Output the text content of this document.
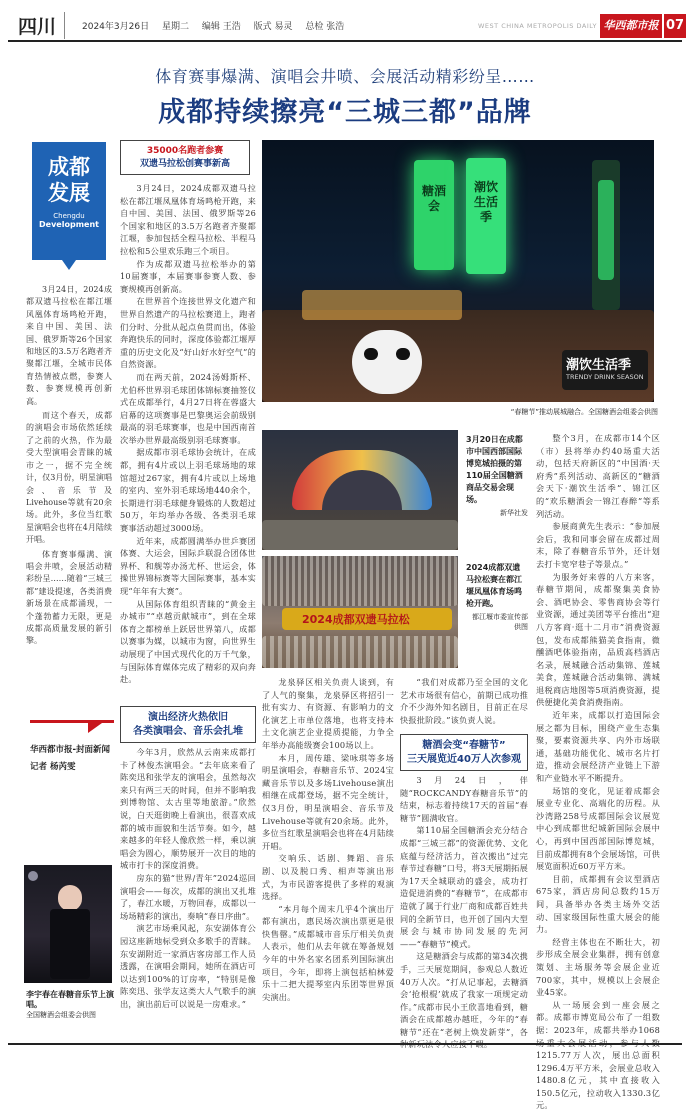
四川	2024年3月26日 星期二 编辑 王浩 版式 易灵 总检 张浩	WEST CHINA METROPOLIS DAILY 华西都市报 07
体育赛事爆满、演唱会井喷、会展活动精彩纷呈……
成都持续擦亮“三城三都”品牌
成都
发展
Chengdu
Development

3月24日，2024成都双遗马拉松在都江堰风凰体育场鸣枪开跑，来自中国、美国、法国、俄罗斯等26个国家和地区的3.5万名跑者齐聚都江堰，全城市民体育热情被点燃，参赛人数、参赛规模再创新高。

而这个春天，成都的演唱会市场依然延续了之前的火热，作为最受大型演唱会青睐的城市之一，据不完全统计，仅3月份，明星演唱会、音乐节及Livehouse等就有20余场。此外，多位当红歌星演唱会也将在4月陆续开唱。

体育赛事爆满、演唱会井喷，会展活动精彩纷呈……随着“三城三都”建设提速，各类消费新场景在成都涌现，一个蓬勃蓄力无限，更是成都高质量发展的新引擎。

华西都市报-封面新闻
记者 杨芮雯
李宇春在春糖音乐节上演唱。
全国糖酒会组委会供图
糖酒会
潮饮生活季
潮饮生活季
TRENDY DRINK SEASON
“春糖节”推动展城融合。全国糖酒会组委会供图
3月20日在成都市中国西部国际博览城拍摄的第110届全国糖酒商品交易会现场。
新华社发
2024成都双遗马拉松
2024成都双遗马拉松赛在都江堰凤凰体育场鸣枪开跑。
都江堰市委宣传部供图
35000名跑者参赛
双遗马拉松创赛事新高

3月24日，2024成都双遗马拉松在都江堰凤凰体育场鸣枪开跑，来自中国、美国、法国、俄罗斯等26个国家和地区的3.5万名跑者齐聚都江堰，参加包括全程马拉松、半程马拉松和5公里欢乐跑三个项目。

作为成都双遗马拉松举办的第10届赛事，本届赛事参赛人数、参赛规模再创新高。

在世界首个连接世界文化遗产和世界自然遗产的马拉松赛道上，跑者们分时、分批从起点鱼贯而出，体验奔跑快乐的同时，深度体验都江堰厚重的历史文化及“好山好水好空气”的自然资源。

而在两天前，2024汤姆斯杯、尤伯杯世界羽毛球团体锦标赛抽签仪式在成都举行，4月27日将在蓉盛大启幕的这项赛事是巴黎奥运会前级别最高的羽毛球赛事，也是中国西南首次举办世界最高级别羽毛球赛事。

据成都市羽毛球协会统计，在成都，拥有4片或以上羽毛球场地的球馆超过267家，拥有4片或以上场地的室内、室外羽毛球场地440余个，长期进行羽毛球健身锻炼的人数超过50万，年均举办各级、各类羽毛球赛事活动超过3000场。

近年来，成都圆满举办世乒赛团体赛、大运会，国际乒联混合团体世界杯、和舰等办汤尤杯、世运会，体操世界锦标赛等大国际赛事，基本实现“年年有大赛”。

从国际体育组织青睐的“黄金主办城市”“卓越贡献城市”，到在全球体育之都榜单上跃居世界第八，成都以赛事为媒，以城市为窗，向世界生动展现了中国式现代化的万千气象，与国际体育媒体完成了精彩的双向奔赴。

演出经济火热依旧
各类演唱会、音乐会扎堆

今年3月，欣然从云南来成都打卡了林俊杰演唱会。“去年底来看了陈奕迅和张学友的演唱会，虽然每次来只有两三天的时间，但并不影响我到博物馆、太古里等地旅游。”欣然说，白天逛街晚上看演出，很喜欢成都的城市面貌和生活节奏。如今，越来越多的年轻人像欣然一样，乘以演唱会为圆心，顺势展开一次目的地的城市打卡的深度消费。

房东的猫“世界/青年”2024巡回演唱会——每次，成都的演出又扎堆了，春江水暖，万物回春，成都以一场场精彩的演出，奏响“春日序曲”。

演艺市场乘风起，东安湖体育公园这座新地标受到众多歌手的青睐。东安湖附近一家酒店客房部工作人员透露，在演唱会期间，她所在酒店可以达到100%的订房率，“特别是像陈奕迅、张学友这类大人气歌手的演出，演出前后可以说是一房难求。”

龙泉驿区相关负责人谈到，有了人气的聚集，龙泉驿区将招引一批有实力、有资源、有影响力的文化演艺上市单位落地，也将支持本土文化演艺企业提质提能，力争全年举办高能级赛会100场以上。

本月，周传雄、梁咏琪等多场明星演唱会，春糖音乐节、2024宝藏音乐节以及多场Livehouse演出相继在成都登场，据不完全统计，仅3月份，明星演唱会、音乐节及Livehouse等就有20余场。此外，多位当红歌星演唱会也将在4月陆续开唱。

交响乐、话剧、舞蹈、音乐剧、以及脱口秀、相声等演出形式，为市民游客提供了多样的观演选择。

“本月每个周末几乎4个演出厅都有演出，惠民场次演出票更是很快售罄。”成都城市音乐厅相关负责人表示，他们从去年就在筹备规划今年的中外名家名团系列国际演出项目，今年，即将上演包括柏林爱乐十二把大提琴室内乐团等世界顶尖演出。

“我们对成都乃至全国的文化艺术市场很有信心，前期已成功推介不少海外知名剧目，目前正在尽快报批阶段。”该负责人说。

糖酒会变“春糖节”
三天展览近40万人次参观

3月24日，伴随“ROCKCANDY春糖音乐节”的结束，标志着持续17天的首届“春糖节”圆满收官。

第110届全国糖酒会充分结合成都“三城三都”的资源优势、文化底蕴与经济活力，首次搬出“过完春节过春糖”口号，将3天展期拓展为17天全城联动的盛会，成功打造促进消费的“春糖节”，在成都市造就了属于行业厂商和成都百姓共同的全新节日，也开创了国内大型展会与城市协同发展的先河——“春糖节”模式。

这是糖酒会与成都的第34次携手，三天展览期间，参观总人数近40万人次。“打从记事起，去糖酒会‘抢根棍’就成了我家一项规定动作。”成都市民小王欣喜地看到，糖酒会在成都越办越旺，今年的“春糖节”还在“老树上焕发新芽”，各

整个3月，在成都市14个区（市）县将举办约40场重大活动，包括天府新区的“中国酒·天府秀”系列活动、高新区的“糖酒会天下·潮饮生活季”、锦江区的“欢乐糖酒会一锦江春醉”等系列活动。

参展商黄先生表示：“参加展会后，我和同事会留在成都过周末，除了春糖音乐节外，还计划去打卡宽窄巷子等景点。”

为服务好来蓉的八方来客，春糖节期间，成都聚集美食协会、酒吧协会、零售商协会等行业资源，通过美团等平台推出“迎八方客商·逛十二月市”消费资源包，发布成都熊猫美食指南，微醺酒吧体验指南，品质高档酒店名录，展城融合活动集锦、莲城美食，莲城融合活动集锦、满城退税商店地图等5项消费资源，提供便捷化美食消费指南。

近年来，成都以打造国际会展之都为目标，围绕产业生态集聚，要素资源共享、内外市场联通，基础功能优化、城市名片打造，推动会展经济产业链上下游和产业链水平不断提升。

场馆的变化，见证着成都会展业专业化、高端化的历程。从沙湾路258号成都国际会议展览中心到成都世纪城新国际会展中心，再到中国西部国际博览城，目前成都拥有8个会展场馆，可供展览面积近60万平方米。

目前，成都拥有会议型酒店675家，酒店房间总数约15万间，具备举办各类主场外交活动、国家级国际性重大展会的能力。

经营主体也在不断壮大，初步形成全展会业集群，拥有创意策划、主场服务等会展企业近700家，其中，规模以上会展企业45家。

从一场展会到一座会展之都。成都市博览局公布了一组数据：2023年，成都共举办1068 1215.77万人次，展出总面积1296.4万平方米，会展业总收入1480.8亿元，其中直接收入150.5亿元，拉动收入1330.3亿元。
